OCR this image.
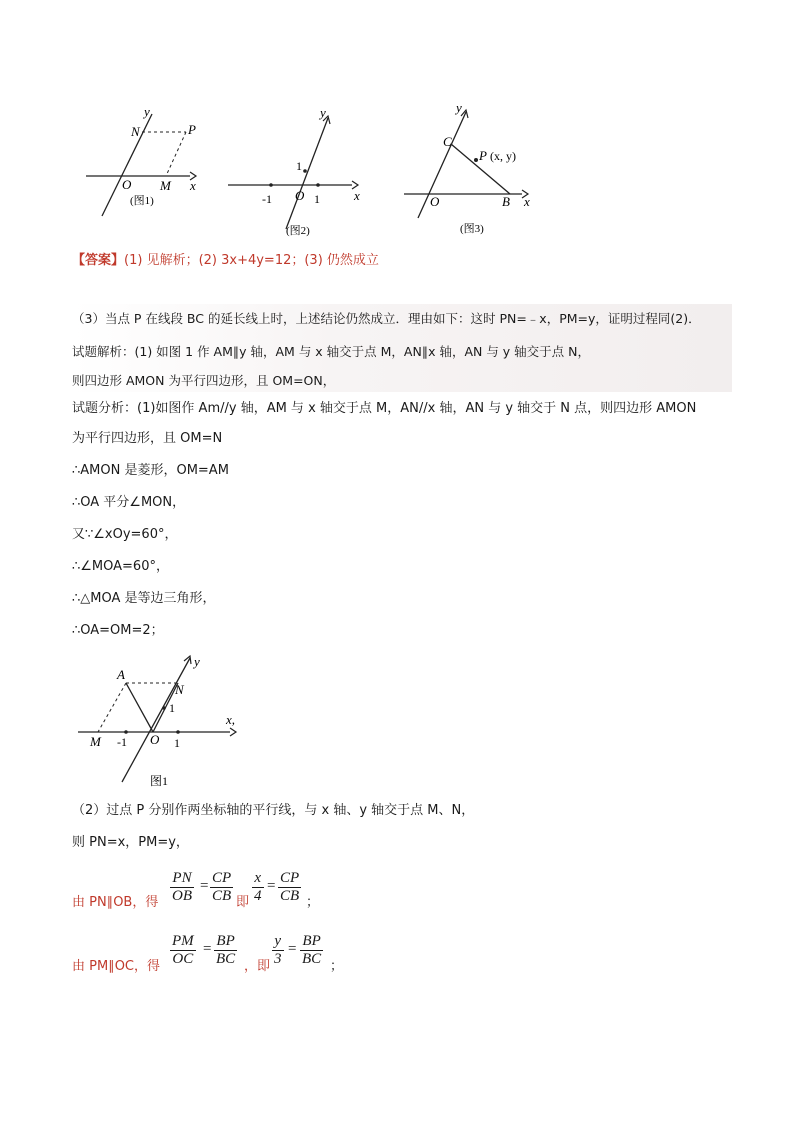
y
N	P
O M x
(图1)
y
1
-1 O 1	x
(图2)
y
C
P (x, y)
O	B x
(图3)
【答案】(1) 见解析；(2) 3x+4y=12；(3) 仍然成立
（3）当点 P 在线段 BC 的延长线上时，上述结论仍然成立．理由如下：这时 PN=﹣x，PM=y，证明过程同(2)．
试题解析：(1) 如图 1 作 AM∥y 轴，AM 与 x 轴交于点 M，AN∥x 轴，AN 与 y 轴交于点 N，
则四边形 AMON 为平行四边形，且 OM=ON，
试题分析：(1)如图作 Am//y 轴，AM 与 x 轴交于点 M，AN//x 轴，AN 与 y 轴交于 N 点，则四边形 AMON
为平行四边形，且 OM=N
∴AMON 是菱形，OM=AM
∴OA 平分∠MON，
又∵∠xOy=60°，
∴∠MOA=60°，
∴△MOA 是等边三角形，
∴OA=OM=2；
A
y
N
x,
1
M -1 O 1
图1
（2）过点 P 分别作两坐标轴的平行线，与 x 轴、y 轴交于点 M、N，
则 PN=x，PM=y，
由 PN∥OB，得 $\frac{PN}{OB} = \frac{CP}{CB}$ 即 $\frac{x}{4} = \frac{CP}{CB}$ ；
由 PM∥OC，得 $\frac{PM}{OC} = \frac{BP}{BC}$ ，即 $\frac{y}{3} = \frac{BP}{BC}$ ；
